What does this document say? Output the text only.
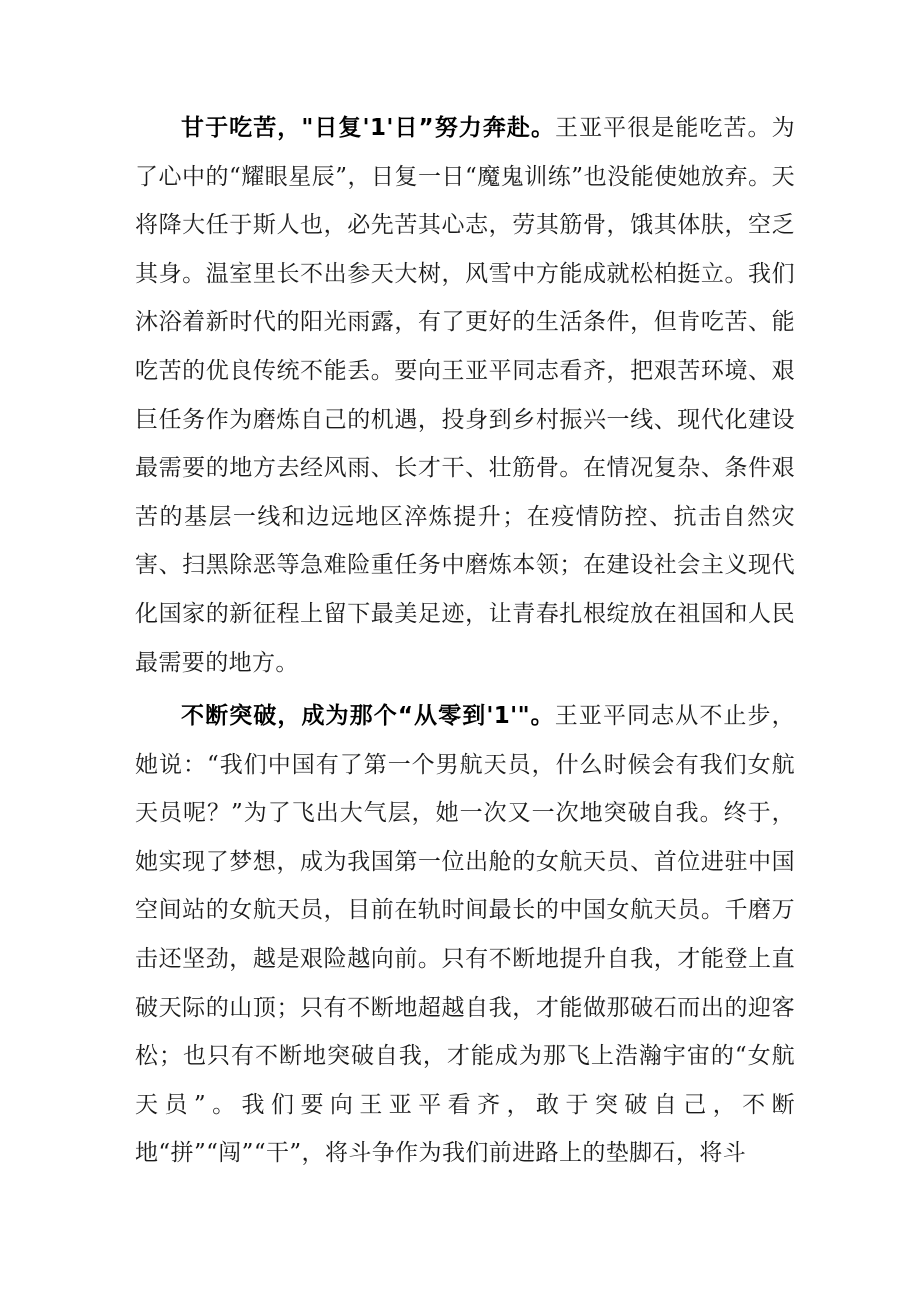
甘于吃苦，"日复'1'日”努力奔赴。王亚平很是能吃苦。为了心中的“耀眼星辰”，日复一日“魔鬼训练”也没能使她放弃。天将降大任于斯人也，必先苦其心志，劳其筋骨，饿其体肤，空乏其身。温室里长不出参天大树，风雪中方能成就松柏挺立。我们沐浴着新时代的阳光雨露，有了更好的生活条件，但肯吃苦、能吃苦的优良传统不能丢。要向王亚平同志看齐，把艰苦环境、艰巨任务作为磨炼自己的机遇，投身到乡村振兴一线、现代化建设最需要的地方去经风雨、长才干、壮筋骨。在情况复杂、条件艰苦的基层一线和边远地区淬炼提升；在疫情防控、抗击自然灾害、扫黑除恶等急难险重任务中磨炼本领；在建设社会主义现代化国家的新征程上留下最美足迹，让青春扎根绽放在祖国和人民最需要的地方。

不断突破，成为那个“从零到'1'"。王亚平同志从不止步，她说：“我们中国有了第一个男航天员，什么时候会有我们女航天员呢？”为了飞出大气层，她一次又一次地突破自我。终于，她实现了梦想，成为我国第一位出舱的女航天员、首位进驻中国空间站的女航天员，目前在轨时间最长的中国女航天员。千磨万击还坚劲，越是艰险越向前。只有不断地提升自我，才能登上直破天际的山顶；只有不断地超越自我，才能做那破石而出的迎客松；也只有不断地突破自我，才能成为那飞上浩瀚宇宙的“女航天员”。我们要向王亚平看齐，敢于突破自己，不断地“拼”“闯”“干”，将斗争作为我们前进路上的垫脚石，将斗
